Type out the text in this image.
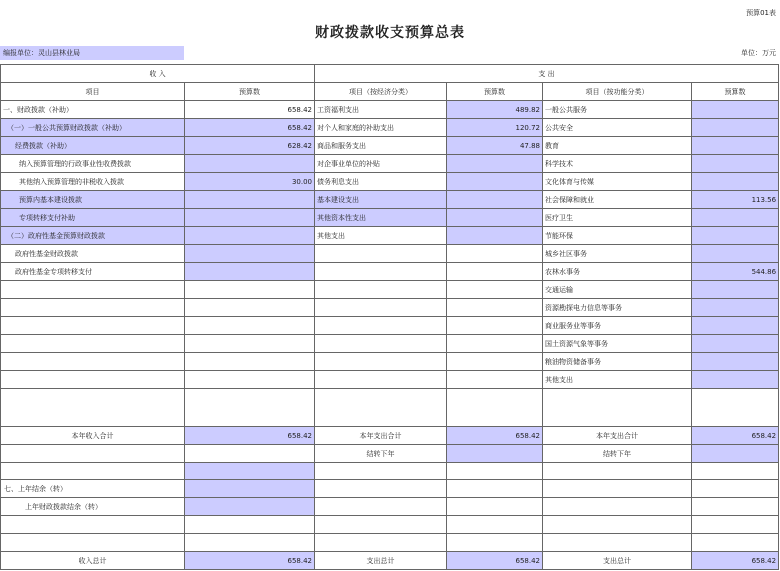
预算01表
财政拨款收支预算总表
编报单位：灵山县林业局	单位：万元
收 入		支 出			
项目	预算数	项目（按经济分类）	预算数	项目（按功能分类）	预算数
一、财政拨款（补助）	658.42	工资福利支出	489.82	一般公共服务	
（一）一般公共预算财政拨款（补助）	658.42	对个人和家庭的补助支出	120.72	公共安全	
经费拨款（补助）	628.42	商品和服务支出	47.88	教育	
纳入预算管理的行政事业性收费拨款		对企事业单位的补贴		科学技术	
其他纳入预算管理的非税收入拨款	30.00	债务利息支出		文化体育与传媒	
预算内基本建设拨款		基本建设支出		社会保障和就业	113.56
专项转移支付补助		其他资本性支出		医疗卫生	
（二）政府性基金预算财政拨款		其他支出		节能环保	
政府性基金财政拨款				城乡社区事务	
政府性基金专项转移支付				农林水事务	544.86
				交通运输	
				资源勘探电力信息等事务	
				商业服务业等事务	
				国土资源气象等事务	
				粮油物资储备事务	
				其他支出	

本年收入合计	658.42	本年支出合计	658.42	本年支出合计	658.42
		结转下年		结转下年	

七、上年结余（转）					
上年财政拨款结余（转）					

收入总计	658.42	支出总计	658.42	支出总计	658.42
